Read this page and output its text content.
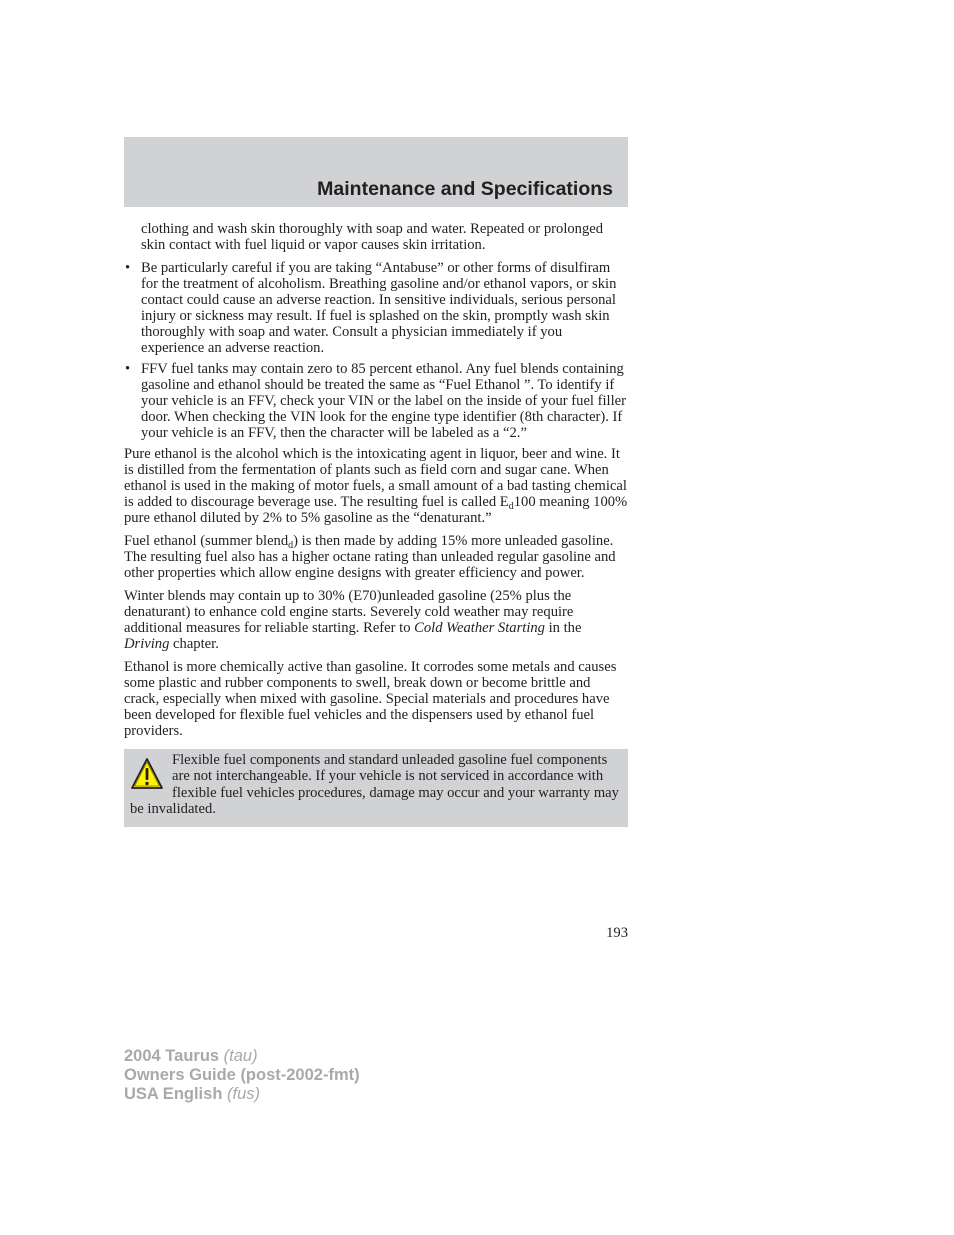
Maintenance and Specifications

clothing and wash skin thoroughly with soap and water. Repeated or prolonged skin contact with fuel liquid or vapor causes skin irritation.

• Be particularly careful if you are taking “Antabuse” or other forms of disulfiram for the treatment of alcoholism. Breathing gasoline and/or ethanol vapors, or skin contact could cause an adverse reaction. In sensitive individuals, serious personal injury or sickness may result. If fuel is splashed on the skin, promptly wash skin thoroughly with soap and water. Consult a physician immediately if you experience an adverse reaction.
• FFV fuel tanks may contain zero to 85 percent ethanol. Any fuel blends containing gasoline and ethanol should be treated the same as “Fuel Ethanol ”. To identify if your vehicle is an FFV, check your VIN or the label on the inside of your fuel filler door. When checking the VIN look for the engine type identifier (8th character). If your vehicle is an FFV, then the character will be labeled as a “2.”

Pure ethanol is the alcohol which is the intoxicating agent in liquor, beer and wine. It is distilled from the fermentation of plants such as field corn and sugar cane. When ethanol is used in the making of motor fuels, a small amount of a bad tasting chemical is added to discourage beverage use. The resulting fuel is called $E_d100$ meaning 100% pure ethanol diluted by 2% to 5% gasoline as the “denaturant.”

Fuel ethanol (summer blend$_d$) is then made by adding 15% more unleaded gasoline. The resulting fuel also has a higher octane rating than unleaded regular gasoline and other properties which allow engine designs with greater efficiency and power.

Winter blends may contain up to 30% (E70)unleaded gasoline (25% plus the denaturant) to enhance cold engine starts. Severely cold weather may require additional measures for reliable starting. Refer to Cold Weather Starting in the Driving chapter.

Ethanol is more chemically active than gasoline. It corrodes some metals and causes some plastic and rubber components to swell, break down or become brittle and crack, especially when mixed with gasoline. Special materials and procedures have been developed for flexible fuel vehicles and the dispensers used by ethanol fuel providers.

Flexible fuel components and standard unleaded gasoline fuel components are not interchangeable. If your vehicle is not serviced in accordance with flexible fuel vehicles procedures, damage may occur and your warranty may be invalidated.
193
2004 Taurus (tau)
Owners Guide (post-2002-fmt)
USA English (fus)
